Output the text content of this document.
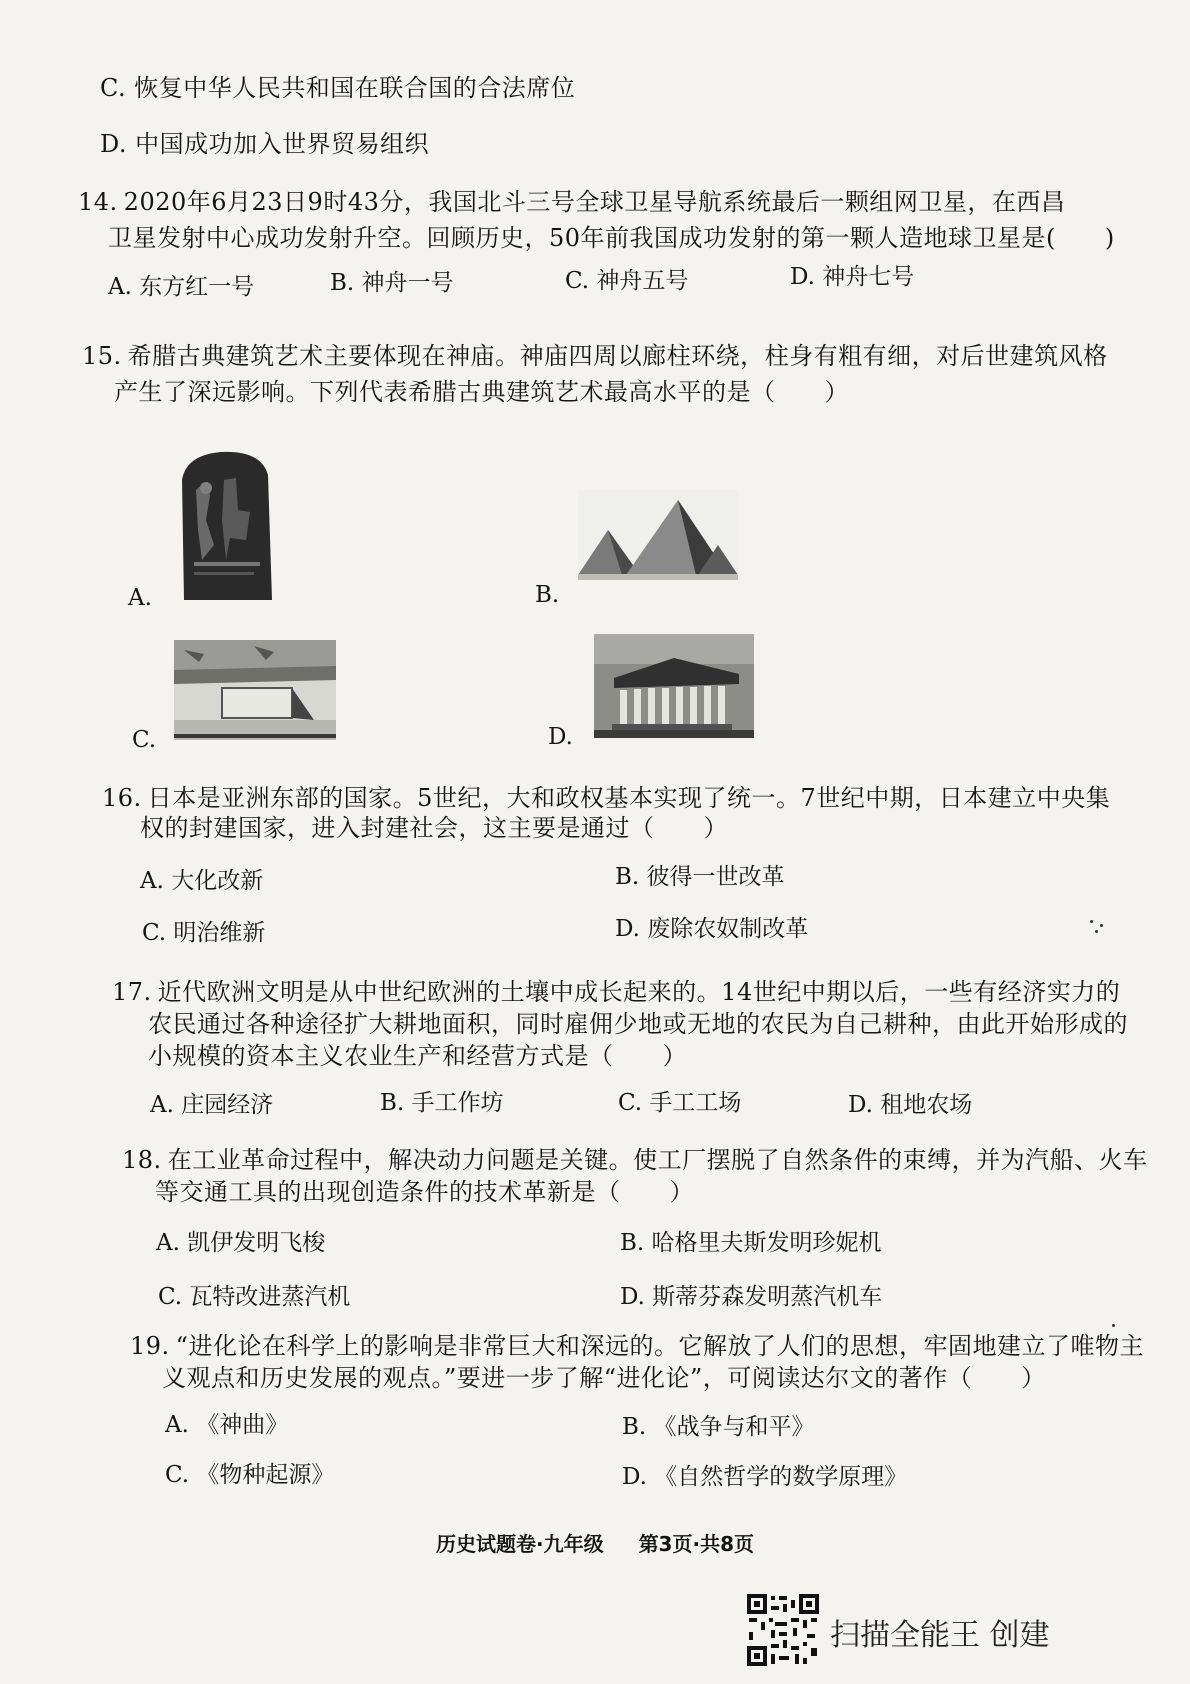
C. 恢复中华人民共和国在联合国的合法席位
D. 中国成功加入世界贸易组织
14. 2020年6月23日9时43分，我国北斗三号全球卫星导航系统最后一颗组网卫星，在西昌
卫星发射中心成功发射升空。回顾历史，50年前我国成功发射的第一颗人造地球卫星是(　　)
A. 东方红一号	B. 神舟一号	C. 神舟五号	D. 神舟七号
15. 希腊古典建筑艺术主要体现在神庙。神庙四周以廊柱环绕，柱身有粗有细，对后世建筑风格
产生了深远影响。下列代表希腊古典建筑艺术最高水平的是（　　）
A.	B.
C.	D.
16. 日本是亚洲东部的国家。5世纪，大和政权基本实现了统一。7世纪中期，日本建立中央集
权的封建国家，进入封建社会，这主要是通过（　　）
A. 大化改新	B. 彼得一世改革
C. 明治维新	D. 废除农奴制改革
17. 近代欧洲文明是从中世纪欧洲的土壤中成长起来的。14世纪中期以后，一些有经济实力的
农民通过各种途径扩大耕地面积，同时雇佣少地或无地的农民为自己耕种，由此开始形成的
小规模的资本主义农业生产和经营方式是（　　）
A. 庄园经济	B. 手工作坊	C. 手工工场	D. 租地农场
18. 在工业革命过程中，解决动力问题是关键。使工厂摆脱了自然条件的束缚，并为汽船、火车
等交通工具的出现创造条件的技术革新是（　　）
A. 凯伊发明飞梭	B. 哈格里夫斯发明珍妮机
C. 瓦特改进蒸汽机	D. 斯蒂芬森发明蒸汽机车
19. “进化论在科学上的影响是非常巨大和深远的。它解放了人们的思想，牢固地建立了唯物主
义观点和历史发展的观点。”要进一步了解“进化论”，可阅读达尔文的著作（　　）
A. 《神曲》	B. 《战争与和平》
C. 《物种起源》	D. 《自然哲学的数学原理》
历史试题卷·九年级 第3页·共8页
扫描全能王 创建
